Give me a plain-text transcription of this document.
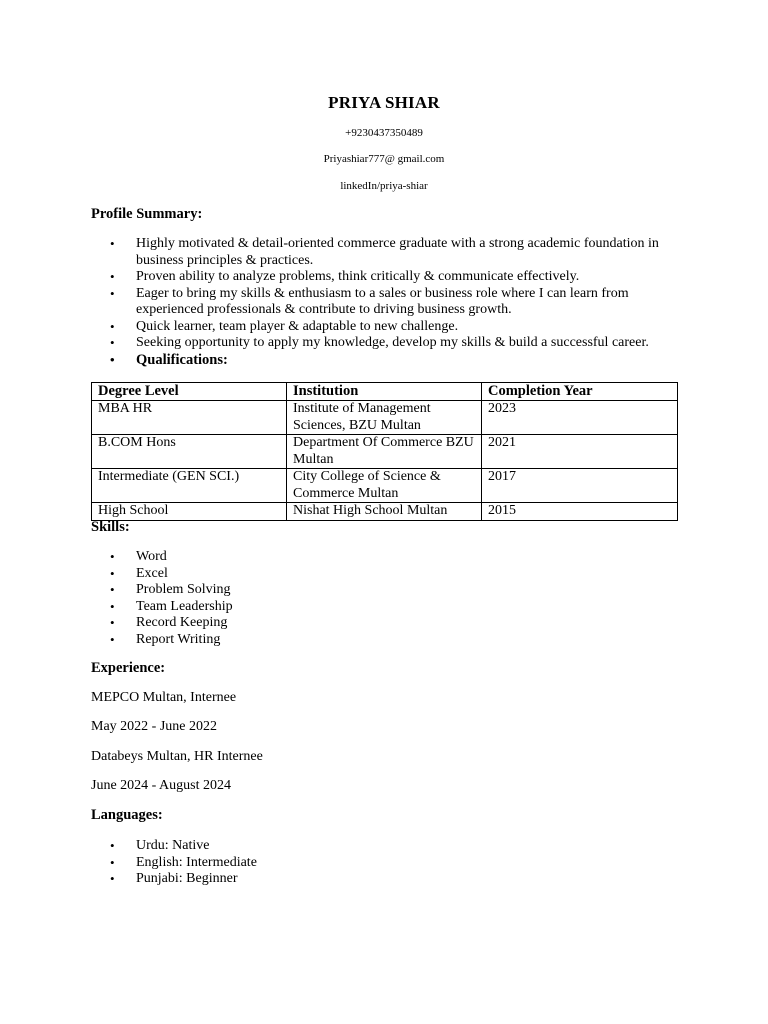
PRIYA SHIAR
+9230437350489
Priyashiar777@ gmail.com
linkedIn/priya-shiar
Profile Summary:
• Highly motivated & detail-oriented commerce graduate with a strong academic foundation in business principles & practices.
• Proven ability to analyze problems, think critically & communicate effectively.
• Eager to bring my skills & enthusiasm to a sales or business role where I can learn from experienced professionals & contribute to driving business growth.
• Quick learner, team player & adaptable to new challenge.
• Seeking opportunity to apply my knowledge, develop my skills & build a successful career.
• Qualifications:
Degree Level	Institution	Completion Year
MBA HR	Institute of Management Sciences, BZU Multan	2023
B.COM Hons	Department Of Commerce BZU Multan	2021
Intermediate (GEN SCI.)	City College of Science & Commerce Multan	2017
High School	Nishat High School Multan	2015
Skills:
• Word
• Excel
• Problem Solving
• Team Leadership
• Record Keeping
• Report Writing
Experience:
MEPCO Multan, Internee
May 2022 - June 2022
Databeys Multan, HR Internee
June 2024 - August 2024
Languages:
• Urdu: Native
• English: Intermediate
• Punjabi: Beginner
